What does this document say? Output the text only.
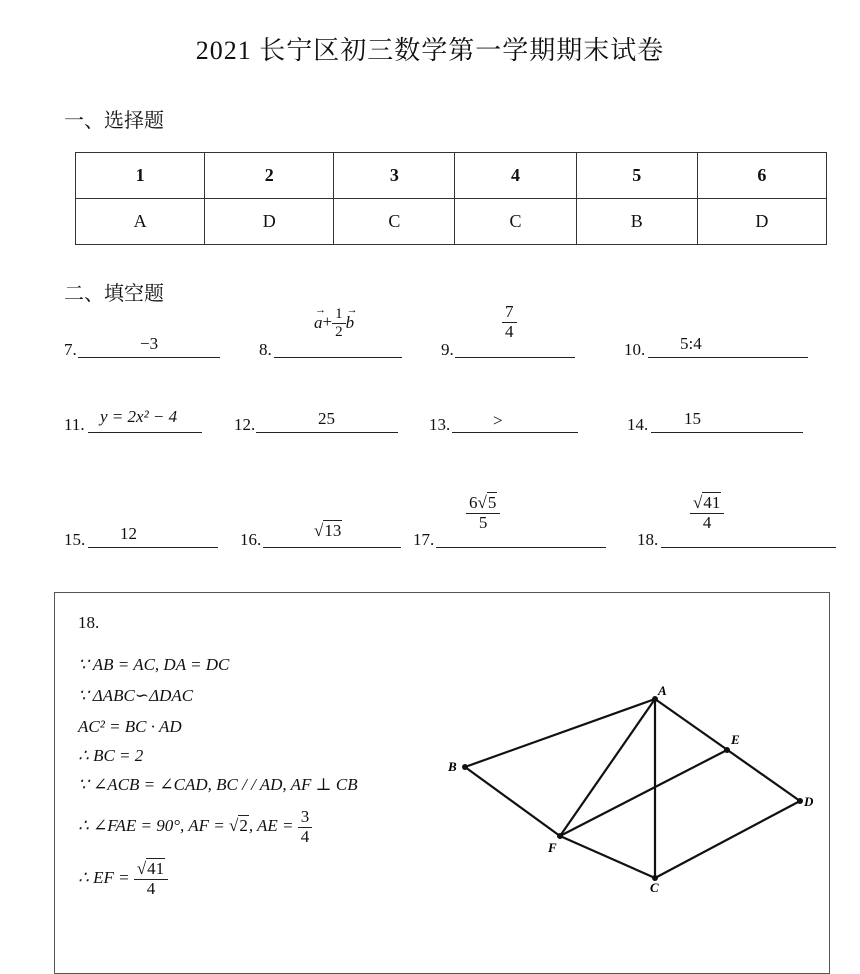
2021 长宁区初三数学第一学期期末试卷
一、选择题
1	2	3	4	5	6
A	D	C	C	B	D
二、填空题
7.	−3	8.
→
$a+ \frac{1}{2}$ →
b
9.
$\frac{7}{4}$
10. 5:4
11. y = 2x² − 4	12.	25	13.	>	14. 15
15. 12	16.	√13	17.
$\frac{6√5}{5}$
18.
$\frac{√41}{4}$
18.
∵ AB = AC, DA = DC
∵ ΔABC∽ΔDAC
AC² = BC · AD
∴ BC = 2
∵ ∠ACB = ∠CAD, BC / / AD, AF ⊥ CB
∴ ∠FAE = 90°, AF = √2, AE = $\frac{3}{4}$
∴ EF = $\frac{√41}{4}$
A
B
C
D
E
F
